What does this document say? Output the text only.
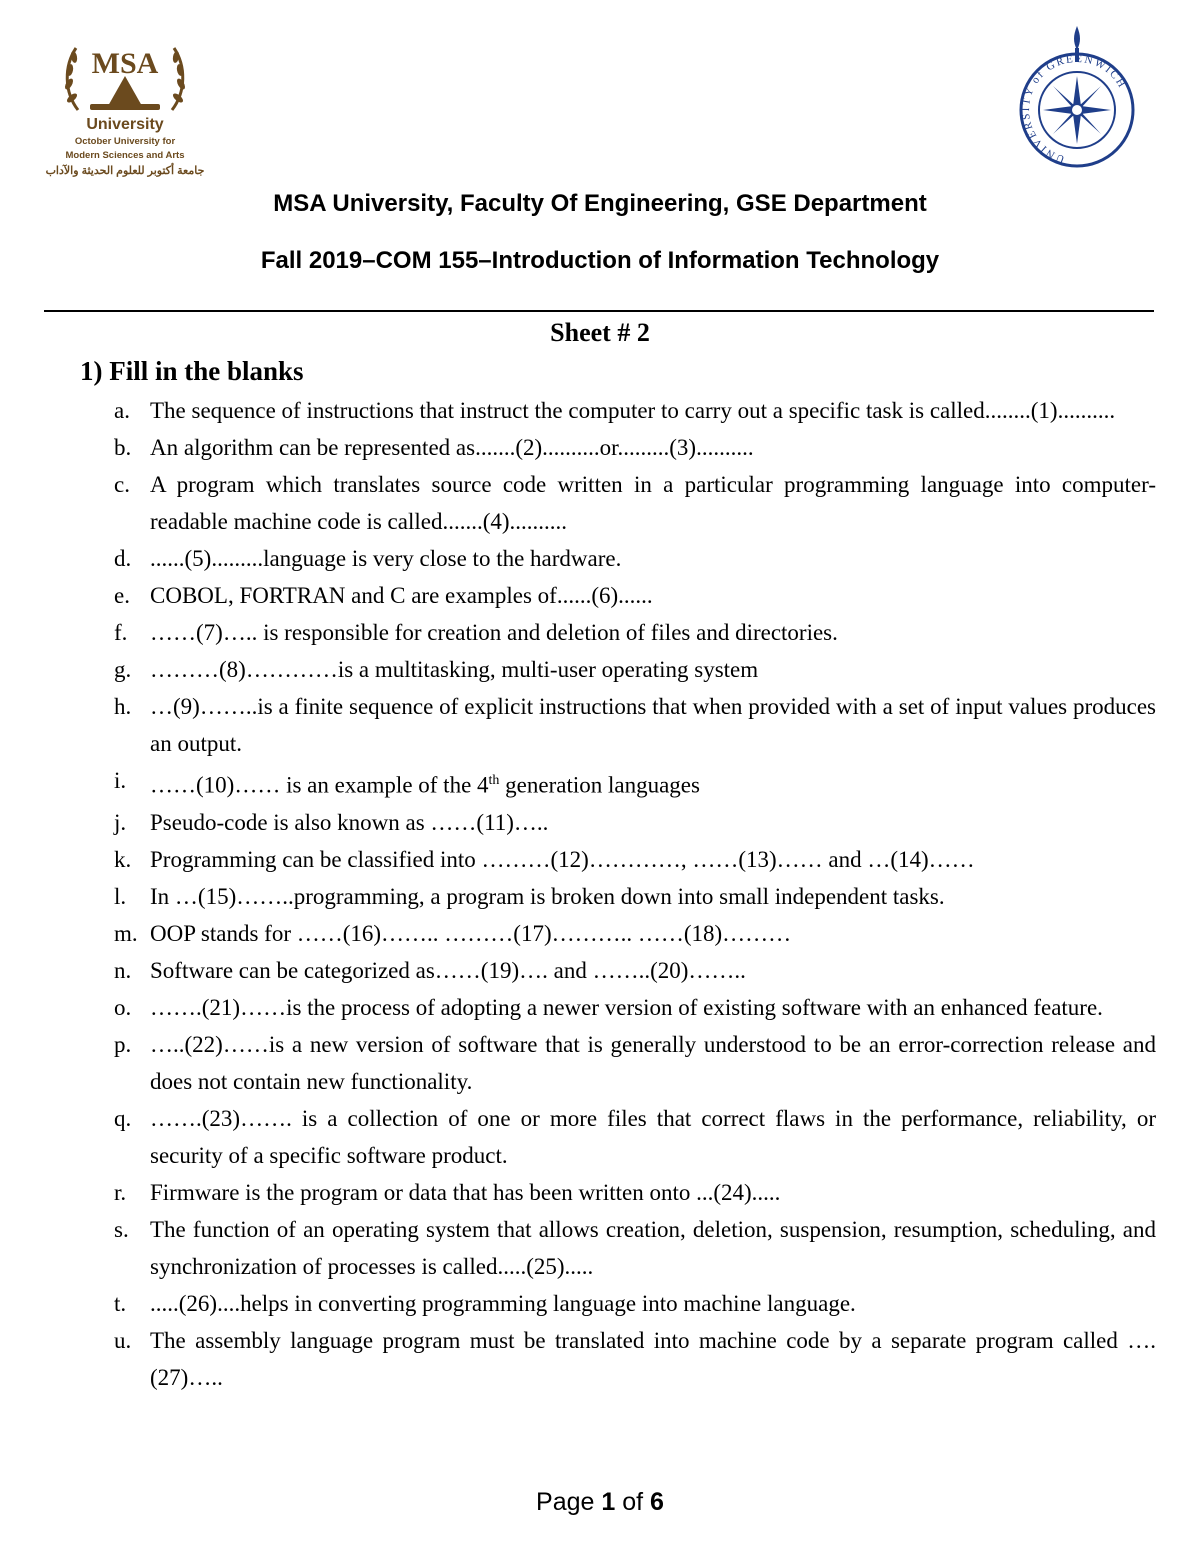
MSA
University
October University for
Modern Sciences and Arts
جامعة أكتوبر للعلوم الحديثة والآداب
UNIVERSITY of GREENWICH
MSA University, Faculty Of Engineering, GSE Department
Fall 2019–COM 155–Introduction of Information Technology
Sheet # 2
1) Fill in the blanks
a. The sequence of instructions that instruct the computer to carry out a specific task is called........(1)..........
b. An algorithm can be represented as.......(2)..........or.........(3)..........
c. A program which translates source code written in a particular programming language into computer-readable machine code is called.......(4)..........
d. ......(5).........language is very close to the hardware.
e. COBOL, FORTRAN and C are examples of......(6)......
f. ……(7)….. is responsible for creation and deletion of files and directories.
g. ………(8)…………is a multitasking, multi-user operating system
h. …(9)……..is a finite sequence of explicit instructions that when provided with a set of input values produces an output.
i. ……(10)…… is an example of the 4th generation languages
j. Pseudo-code is also known as ……(11)…..
k. Programming can be classified into ………(12)…………, ……(13)…… and …(14)……
l. In …(15)……..programming, a program is broken down into small independent tasks.
m. OOP stands for ……(16)…….. ………(17)……….. ……(18)………
n. Software can be categorized as……(19)…. and ……..(20)……..
o. …….(21)……is the process of adopting a newer version of existing software with an enhanced feature.
p. …..(22)……is a new version of software that is generally understood to be an error-correction release and does not contain new functionality.
q. …….(23)……. is a collection of one or more files that correct flaws in the performance, reliability, or security of a specific software product.
r. Firmware is the program or data that has been written onto ...(24).....
s. The function of an operating system that allows creation, deletion, suspension, resumption, scheduling, and synchronization of processes is called.....(25).....
t. .....(26)....helps in converting programming language into machine language.
u. The assembly language program must be translated into machine code by a separate program called ….(27)…..
Page 1 of 6
